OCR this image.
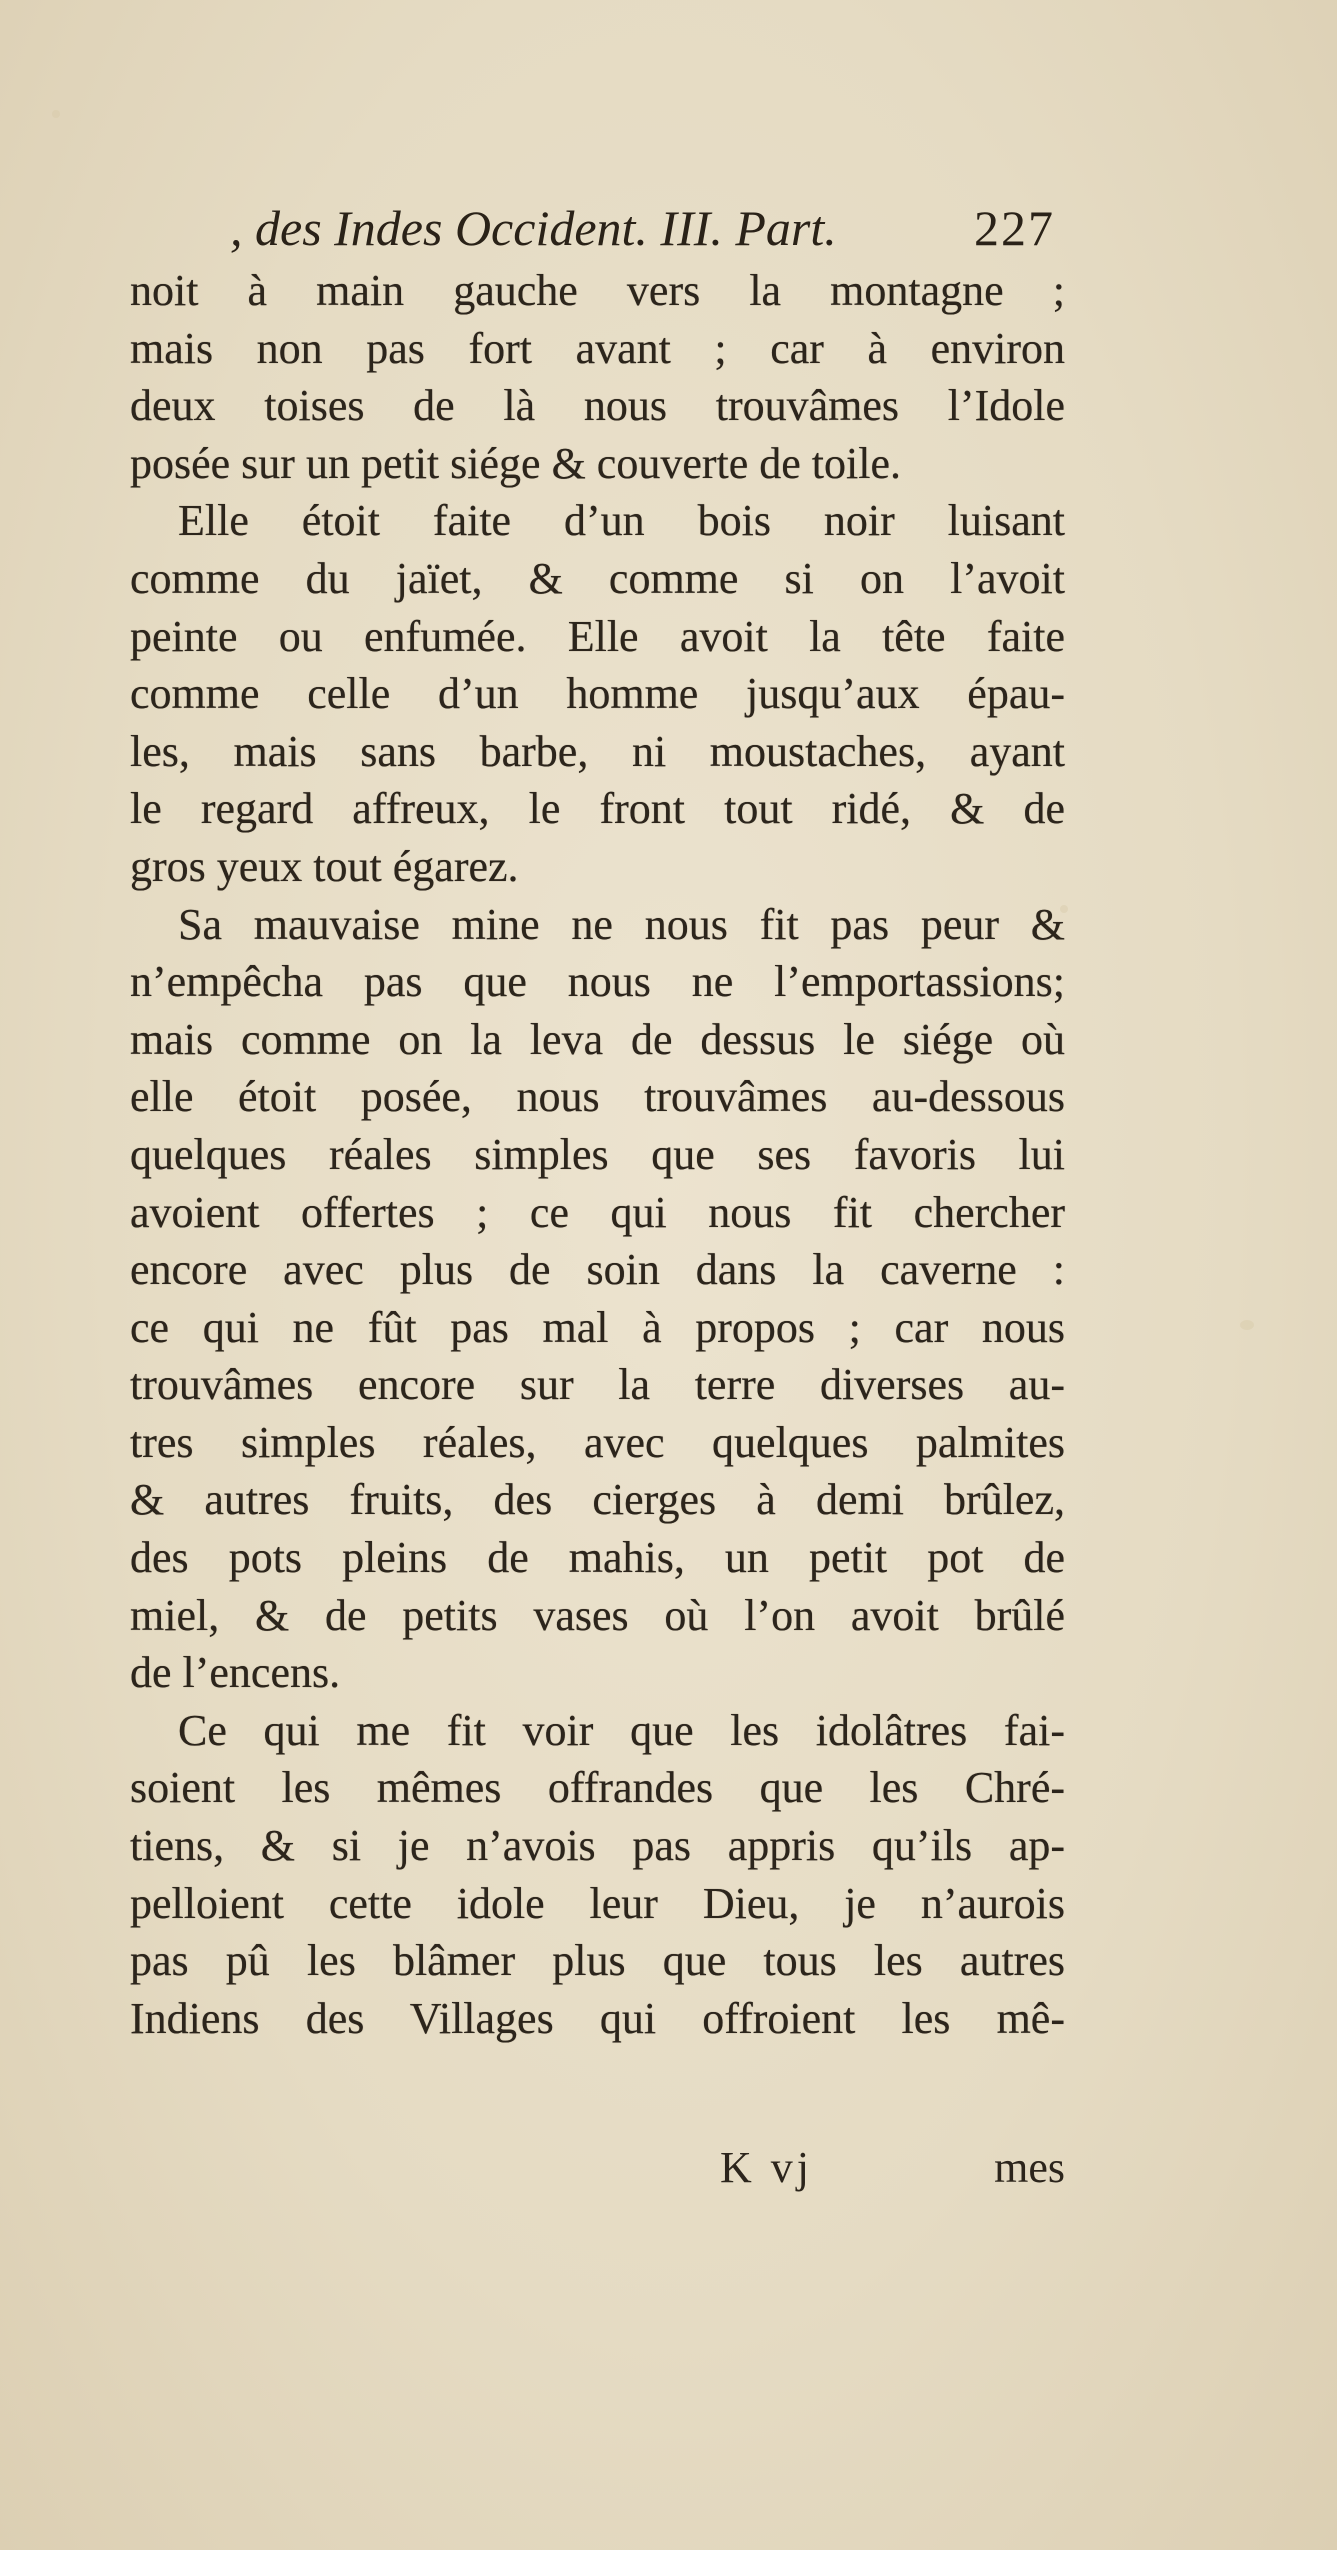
, des Indes Occident. III. Part.	227
noit à main gauche vers la montagne ;
mais non pas fort avant ; car à environ
deux toises de là nous trouvâmes l’Idole
posée sur un petit siége & couverte de toile.
Elle étoit faite d’un bois noir luisant
comme du jaïet, & comme si on l’avoit
peinte ou enfumée. Elle avoit la tête faite
comme celle d’un homme jusqu’aux épau-
les, mais sans barbe, ni moustaches, ayant
le regard affreux, le front tout ridé, & de
gros yeux tout égarez.
Sa mauvaise mine ne nous fit pas peur &
n’empêcha pas que nous ne l’emportassions;
mais comme on la leva de dessus le siége où
elle étoit posée, nous trouvâmes au-dessous
quelques réales simples que ses favoris lui
avoient offertes ; ce qui nous fit chercher
encore avec plus de soin dans la caverne :
ce qui ne fût pas mal à propos ; car nous
trouvâmes encore sur la terre diverses au-
tres simples réales, avec quelques palmites
& autres fruits, des cierges à demi brûlez,
des pots pleins de mahis, un petit pot de
miel, & de petits vases où l’on avoit brûlé
de l’encens.
Ce qui me fit voir que les idolâtres fai-
soient les mêmes offrandes que les Chré-
tiens, & si je n’avois pas appris qu’ils ap-
pelloient cette idole leur Dieu, je n’aurois
pas pû les blâmer plus que tous les autres
Indiens des Villages qui offroient les mê-
K vj	mes
